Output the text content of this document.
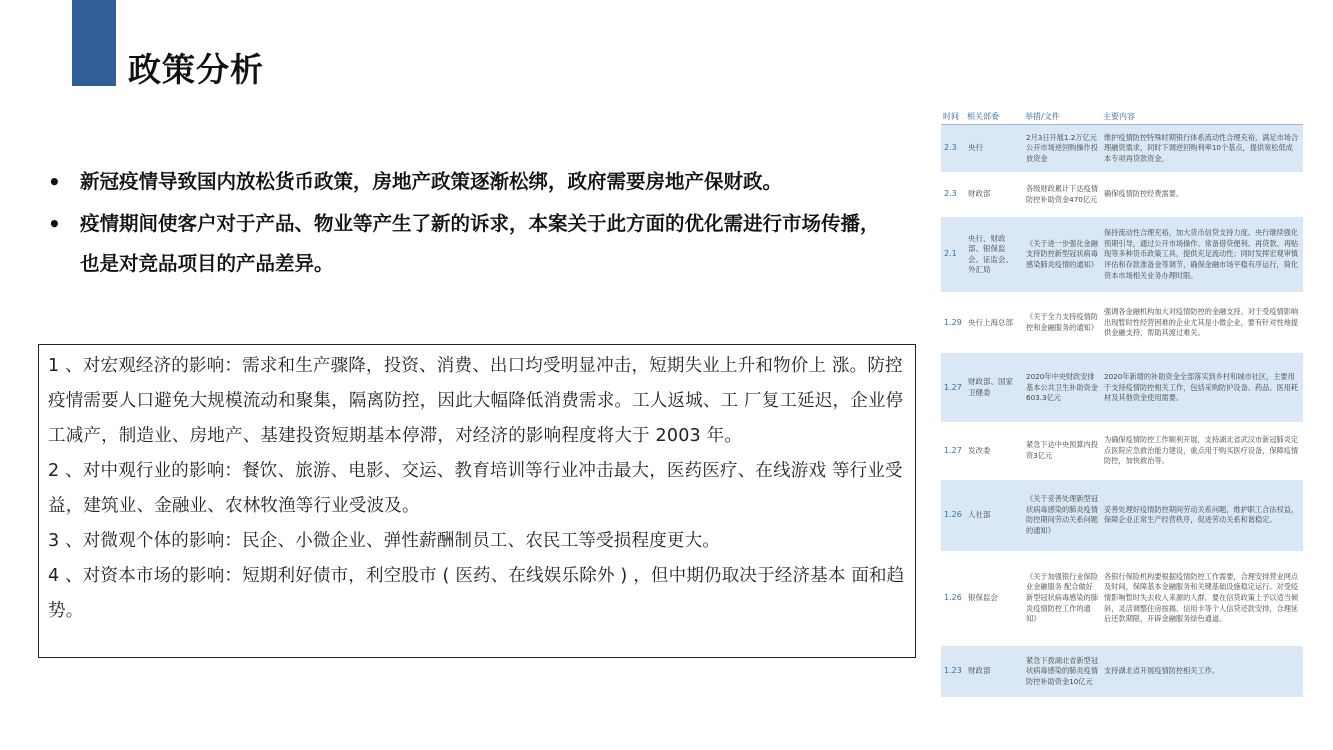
政策分析
• 新冠疫情导致国内放松货币政策，房地产政策逐渐松绑，政府需要房地产保财政。
• 疫情期间使客户对于产品、物业等产生了新的诉求，本案关于此方面的优化需进行市场传播，也是对竞品项目的产品差异。

1 、对宏观经济的影响：需求和生产骤降，投资、消费、出口均受明显冲击，短期失业上升和物价上 涨。防控疫情需要人口避免大规模流动和聚集，隔离防控，因此大幅降低消费需求。工人返城、工 厂复工延迟，企业停工减产，制造业、房地产、基建投资短期基本停滞，对经济的影响程度将大于 2003 年。

2 、对中观行业的影响：餐饮、旅游、电影、交运、教育培训等行业冲击最大，医药医疗、在线游戏 等行业受益，建筑业、金融业、农林牧渔等行业受波及。

3 、对微观个体的影响：民企、小微企业、弹性薪酬制员工、农民工等受损程度更大。

4 、对资本市场的影响：短期利好债市，利空股市 ( 医药、在线娱乐除外 ) ，但中期仍取决于经济基本 面和趋势。

时间	相关部委	举措/文件	主要内容
2.3	央行	2月3日开展1.2万亿元公开市场逆回购操作投放资金	维护疫情防控特殊时期银行体系流动性合理充裕，满足市场合理融资需求，同时下调逆回购利率10个基点，提供宽松低成本专项再贷款资金。
2.3	财政部	各级财政累计下达疫情防控补助资金470亿元	确保疫情防控经费需要。
2.1	央行、财政部、银保监会、证监会、外汇局	《关于进一步强化金融支持防控新型冠状病毒感染肺炎疫情的通知》	保持流动性合理充裕，加大货币信贷支持力度。央行继续强化预期引导，通过公开市场操作、常备借贷便利、再贷款、再贴现等多种货币政策工具，提供充足流动性；同时发挥宏观审慎评估和存款准备金等调节，确保金融市场平稳有序运行，简化资本市场相关业务办理时限。
1.29	央行上海总部	《关于全力支持疫情防控和金融服务的通知》	强调各金融机构加大对疫情防控的金融支持。对于受疫情影响出现暂时性经营困难的企业尤其是小微企业，要有针对性地提供金融支持，帮助其渡过难关。
1.27	财政部、国家卫健委	2020年中央财政安排基本公共卫生补助资金603.3亿元	2020年新增的补助资金全部落实到乡村和城市社区，主要用于支持疫情防控相关工作，包括采购防护设备、药品、医用耗材及其他资金使用需要。
1.27	发改委	紧急下达中央预算内投资3亿元	为确保疫情防控工作顺利开展，支持湖北省武汉市新冠肺炎定点医院应急救治能力建设，重点用于购买医疗设备，保障疫情防控，加快救治等。
1.26	人社部	《关于妥善处理新型冠状病毒感染的肺炎疫情防控期间劳动关系问题的通知》	妥善处理好疫情防控期间劳动关系问题，维护职工合法权益，保障企业正常生产经营秩序，促进劳动关系和谐稳定。
1.26	银保监会	《关于加强银行业保险业金融服务 配合做好新型冠状病毒感染的肺炎疫情防控工作的通知》	各银行保险机构要根据疫情防控工作需要，合理安排营业网点及时间，保障基本金融服务和关键基础设施稳定运行。对受疫情影响暂时失去收入来源的人群，要在信贷政策上予以适当倾斜，灵活调整住房按揭、信用卡等个人信贷还款安排，合理延后还款期限，开辟金融服务绿色通道。
1.23	财政部	紧急下拨湖北省新型冠状病毒感染的肺炎疫情防控补助资金10亿元	支持湖北省开展疫情防控相关工作。
